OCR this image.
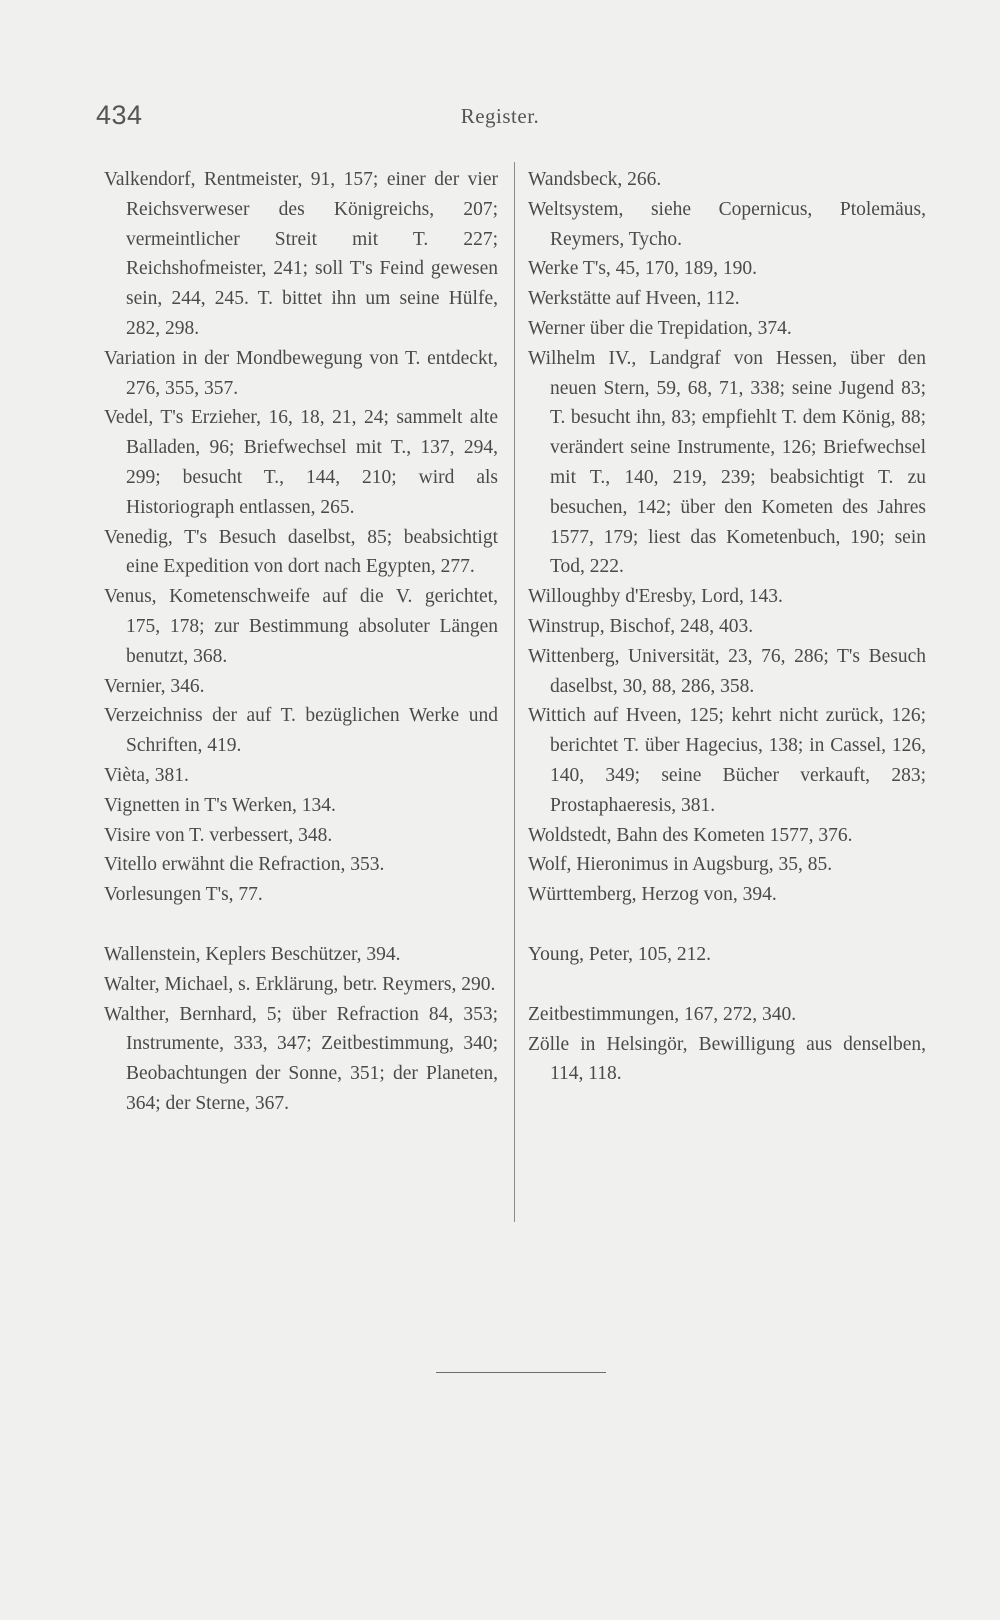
434	Register.

Valkendorf, Rentmeister, 91, 157; einer der vier Reichsverweser des Königreichs, 207; vermeintlicher Streit mit T. 227; Reichshofmeister, 241; soll T's Feind gewesen sein, 244, 245. T. bittet ihn um seine Hülfe, 282, 298.

Variation in der Mondbewegung von T. entdeckt, 276, 355, 357.

Vedel, T's Erzieher, 16, 18, 21, 24; sammelt alte Balladen, 96; Briefwechsel mit T., 137, 294, 299; besucht T., 144, 210; wird als Historiograph entlassen, 265.

Venedig, T's Besuch daselbst, 85; beabsichtigt eine Expedition von dort nach Egypten, 277.

Venus, Kometenschweife auf die V. gerichtet, 175, 178; zur Bestimmung absoluter Längen benutzt, 368.

Vernier, 346.

Verzeichniss der auf T. bezüglichen Werke und Schriften, 419.

Vièta, 381.

Vignetten in T's Werken, 134.

Visire von T. verbessert, 348.

Vitello erwähnt die Refraction, 353.

Vorlesungen T's, 77.

Wallenstein, Keplers Beschützer, 394.

Walter, Michael, s. Erklärung, betr. Reymers, 290.

Walther, Bernhard, 5; über Refraction 84, 353; Instrumente, 333, 347; Zeitbestimmung, 340; Beobachtungen der Sonne, 351; der Planeten, 364; der Sterne, 367.

Wandsbeck, 266.

Weltsystem, siehe Copernicus, Ptolemäus, Reymers, Tycho.

Werke T's, 45, 170, 189, 190.

Werkstätte auf Hveen, 112.

Werner über die Trepidation, 374.

Wilhelm IV., Landgraf von Hessen, über den neuen Stern, 59, 68, 71, 338; seine Jugend 83; T. besucht ihn, 83; empfiehlt T. dem König, 88; verändert seine Instrumente, 126; Briefwechsel mit T., 140, 219, 239; beabsichtigt T. zu besuchen, 142; über den Kometen des Jahres 1577, 179; liest das Kometenbuch, 190; sein Tod, 222.

Willoughby d'Eresby, Lord, 143.

Winstrup, Bischof, 248, 403.

Wittenberg, Universität, 23, 76, 286; T's Besuch daselbst, 30, 88, 286, 358.

Wittich auf Hveen, 125; kehrt nicht zurück, 126; berichtet T. über Hagecius, 138; in Cassel, 126, 140, 349; seine Bücher verkauft, 283; Prostaphaeresis, 381.

Woldstedt, Bahn des Kometen 1577, 376.

Wolf, Hieronimus in Augsburg, 35, 85.

Württemberg, Herzog von, 394.

Young, Peter, 105, 212.

Zeitbestimmungen, 167, 272, 340.

Zölle in Helsingör, Bewilligung aus denselben, 114, 118.
